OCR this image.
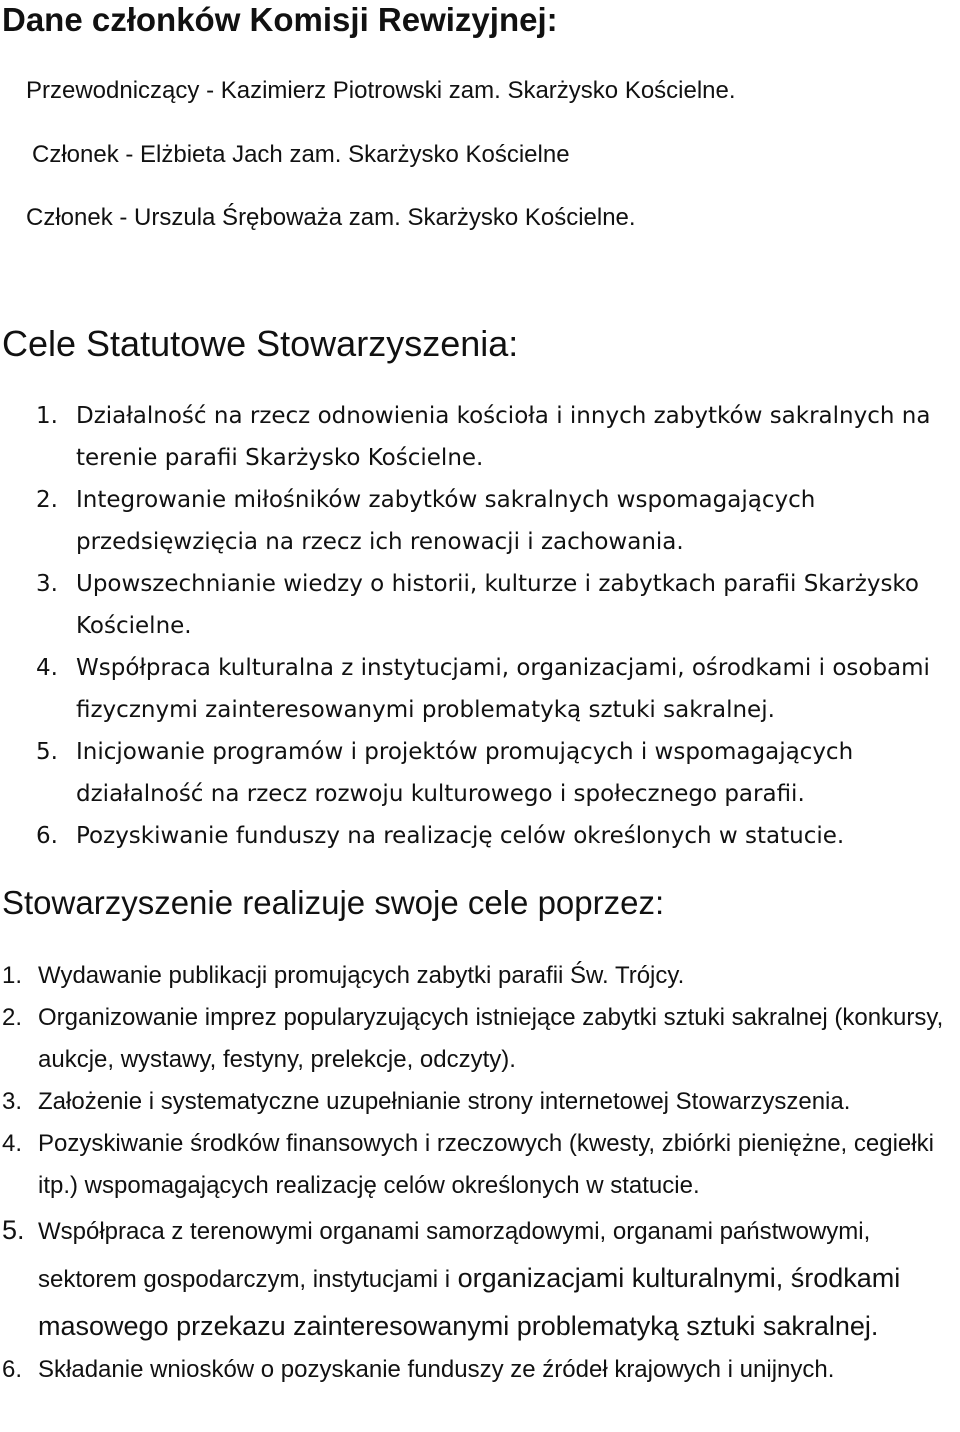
Dane członków Komisji Rewizyjnej:
Przewodniczący - Kazimierz Piotrowski zam. Skarżysko Kościelne.
Członek - Elżbieta Jach zam. Skarżysko Kościelne
Członek - Urszula Śręboważa zam. Skarżysko Kościelne.
Cele Statutowe Stowarzyszenia:
1. Działalność na rzecz odnowienia kościoła i innych zabytków sakralnych na terenie parafii Skarżysko Kościelne.
2. Integrowanie miłośników zabytków sakralnych wspomagających przedsięwzięcia na rzecz ich renowacji i zachowania.
3. Upowszechnianie wiedzy o historii, kulturze i zabytkach parafii Skarżysko Kościelne.
4. Współpraca kulturalna z instytucjami, organizacjami, ośrodkami i osobami fizycznymi zainteresowanymi problematyką sztuki sakralnej.
5. Inicjowanie programów i projektów promujących i wspomagających działalność na rzecz rozwoju kulturowego i społecznego parafii.
6. Pozyskiwanie funduszy na realizację celów określonych w statucie.
Stowarzyszenie realizuje swoje cele poprzez:
1. Wydawanie publikacji promujących zabytki parafii Św. Trójcy.
2. Organizowanie imprez popularyzujących istniejące zabytki sztuki sakralnej (konkursy, aukcje, wystawy, festyny, prelekcje, odczyty).
3. Założenie i systematyczne uzupełnianie strony internetowej Stowarzyszenia.
4. Pozyskiwanie środków finansowych i rzeczowych (kwesty, zbiórki pieniężne, cegiełki itp.) wspomagających realizację celów określonych w statucie.
5. Współpraca z terenowymi organami samorządowymi, organami państwowymi, sektorem gospodarczym, instytucjami i organizacjami kulturalnymi, środkami masowego przekazu zainteresowanymi problematyką sztuki sakralnej.
6. Składanie wniosków o pozyskanie funduszy ze źródeł krajowych i unijnych.
